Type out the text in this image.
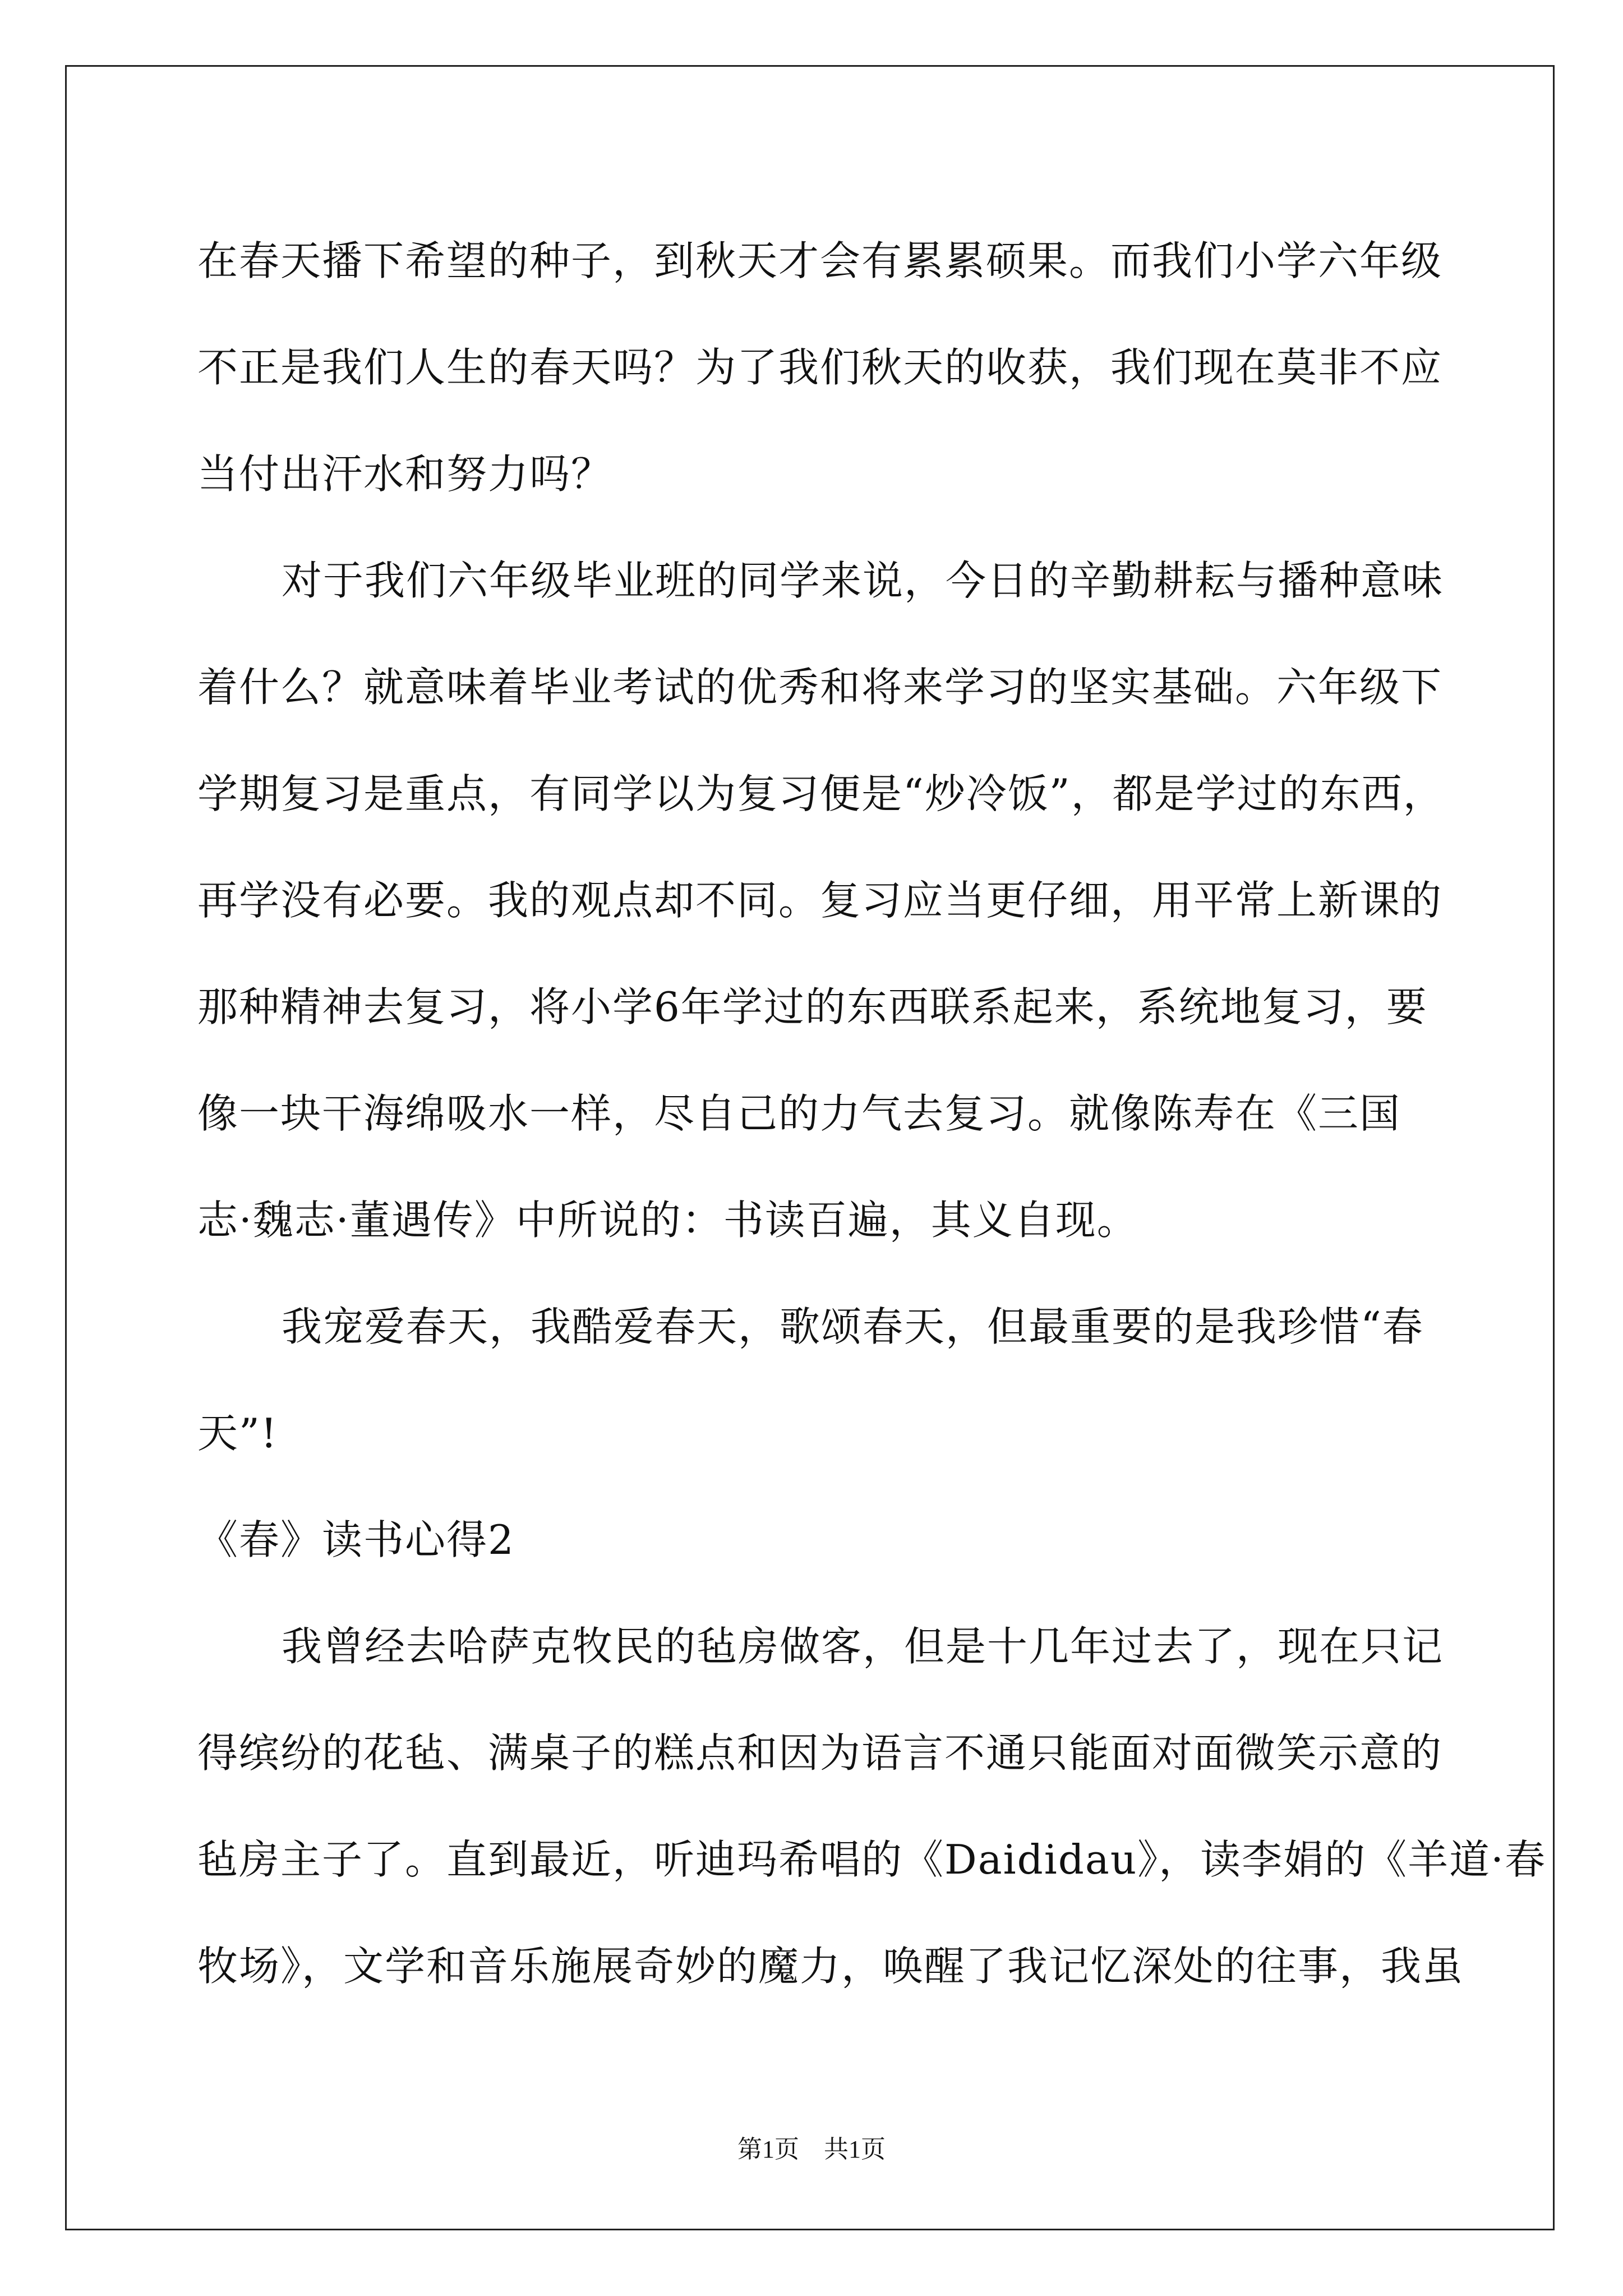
在春天播下希望的种子，到秋天才会有累累硕果。而我们小学六年级
不正是我们人生的春天吗？为了我们秋天的收获，我们现在莫非不应
当付出汗水和努力吗？
对于我们六年级毕业班的同学来说，今日的辛勤耕耘与播种意味
着什么？就意味着毕业考试的优秀和将来学习的坚实基础。六年级下
学期复习是重点，有同学以为复习便是“炒冷饭”，都是学过的东西，
再学没有必要。我的观点却不同。复习应当更仔细，用平常上新课的
那种精神去复习，将小学6年学过的东西联系起来，系统地复习，要
像一块干海绵吸水一样，尽自己的力气去复习。就像陈寿在《三国
志·魏志·董遇传》中所说的：书读百遍，其义自现。
我宠爱春天，我酷爱春天，歌颂春天，但最重要的是我珍惜“春
天”!
《春》读书心得2
我曾经去哈萨克牧民的毡房做客，但是十几年过去了，现在只记
得缤纷的花毡、满桌子的糕点和因为语言不通只能面对面微笑示意的
毡房主子了。直到最近，听迪玛希唱的《Daididau》，读李娟的《羊道·春
牧场》，文学和音乐施展奇妙的魔力，唤醒了我记忆深处的往事，我虽
第1页　共1页
